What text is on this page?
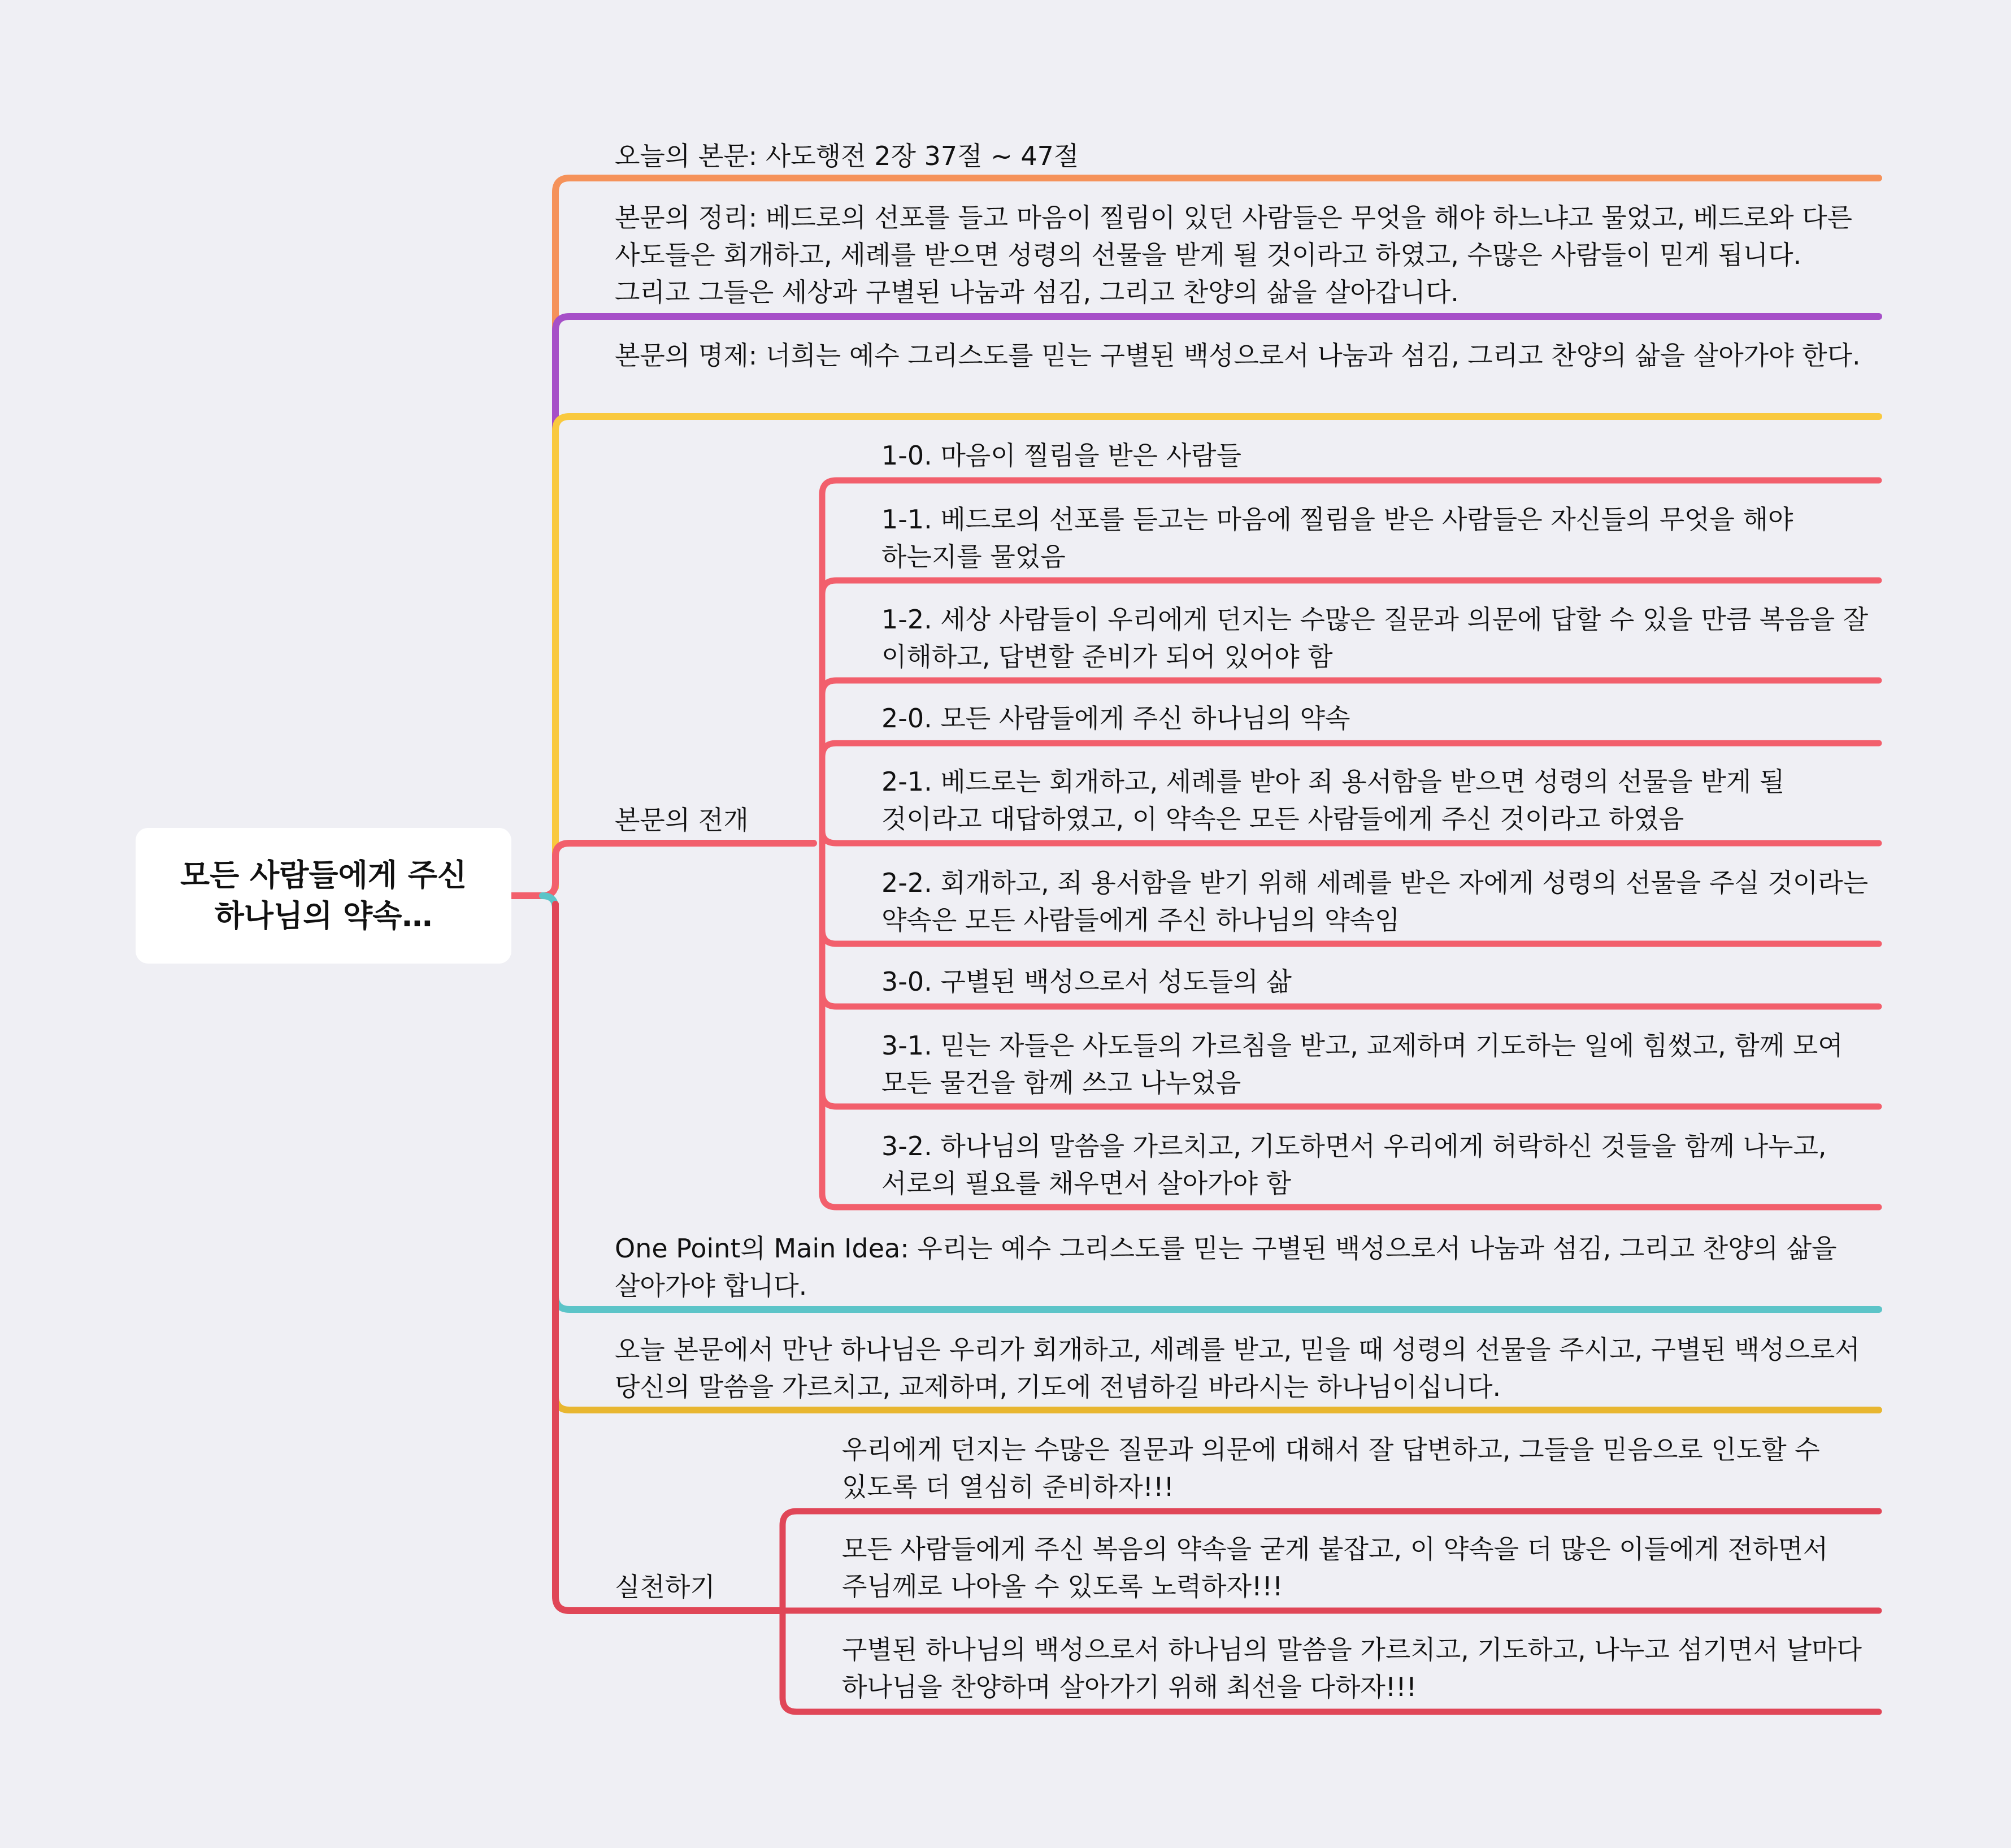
모든 사람들에게 주신
하나님의 약속…
오늘의 본문: 사도행전 2장 37절 ~ 47절
본문의 정리: 베드로의 선포를 들고 마음이 찔림이 있던 사람들은 무엇을 해야 하느냐고 물었고, 베드로와 다른 사도들은 회개하고, 세례를 받으면 성령의 선물을 받게 될 것이라고 하였고, 수많은 사람들이 믿게 됩니다. 그리고 그들은 세상과 구별된 나눔과 섬김, 그리고 찬양의 삶을 살아갑니다.
본문의 명제: 너희는 예수 그리스도를 믿는 구별된 백성으로서 나눔과 섬김, 그리고 찬양의 삶을 살아가야 한다.
본문의 전개
One Point의 Main Idea: 우리는 예수 그리스도를 믿는 구별된 백성으로서 나눔과 섬김, 그리고 찬양의 삶을 살아가야 합니다.
오늘 본문에서 만난 하나님은 우리가 회개하고, 세례를 받고, 믿을 때 성령의 선물을 주시고, 구별된 백성으로서 당신의 말씀을 가르치고, 교제하며, 기도에 전념하길 바라시는 하나님이십니다.
실천하기
1-0. 마음이 찔림을 받은 사람들
1-1. 베드로의 선포를 듣고는 마음에 찔림을 받은 사람들은 자신들의 무엇을 해야 하는지를 물었음
1-2. 세상 사람들이 우리에게 던지는 수많은 질문과 의문에 답할 수 있을 만큼 복음을 잘 이해하고, 답변할 준비가 되어 있어야 함
2-0. 모든 사람들에게 주신 하나님의 약속
2-1. 베드로는 회개하고, 세례를 받아 죄 용서함을 받으면 성령의 선물을 받게 될 것이라고 대답하였고, 이 약속은 모든 사람들에게 주신 것이라고 하였음
2-2. 회개하고, 죄 용서함을 받기 위해 세례를 받은 자에게 성령의 선물을 주실 것이라는 약속은 모든 사람들에게 주신 하나님의 약속임
3-0. 구별된 백성으로서 성도들의 삶
3-1. 믿는 자들은 사도들의 가르침을 받고, 교제하며 기도하는 일에 힘썼고, 함께 모여 모든 물건을 함께 쓰고 나누었음
3-2. 하나님의 말씀을 가르치고, 기도하면서 우리에게 허락하신 것들을 함께 나누고, 서로의 필요를 채우면서 살아가야 함
우리에게 던지는 수많은 질문과 의문에 대해서 잘 답변하고, 그들을 믿음으로 인도할 수 있도록 더 열심히 준비하자!!!
모든 사람들에게 주신 복음의 약속을 굳게 붙잡고, 이 약속을 더 많은 이들에게 전하면서 주님께로 나아올 수 있도록 노력하자!!!
구별된 하나님의 백성으로서 하나님의 말씀을 가르치고, 기도하고, 나누고 섬기면서 날마다 하나님을 찬양하며 살아가기 위해 최선을 다하자!!!
